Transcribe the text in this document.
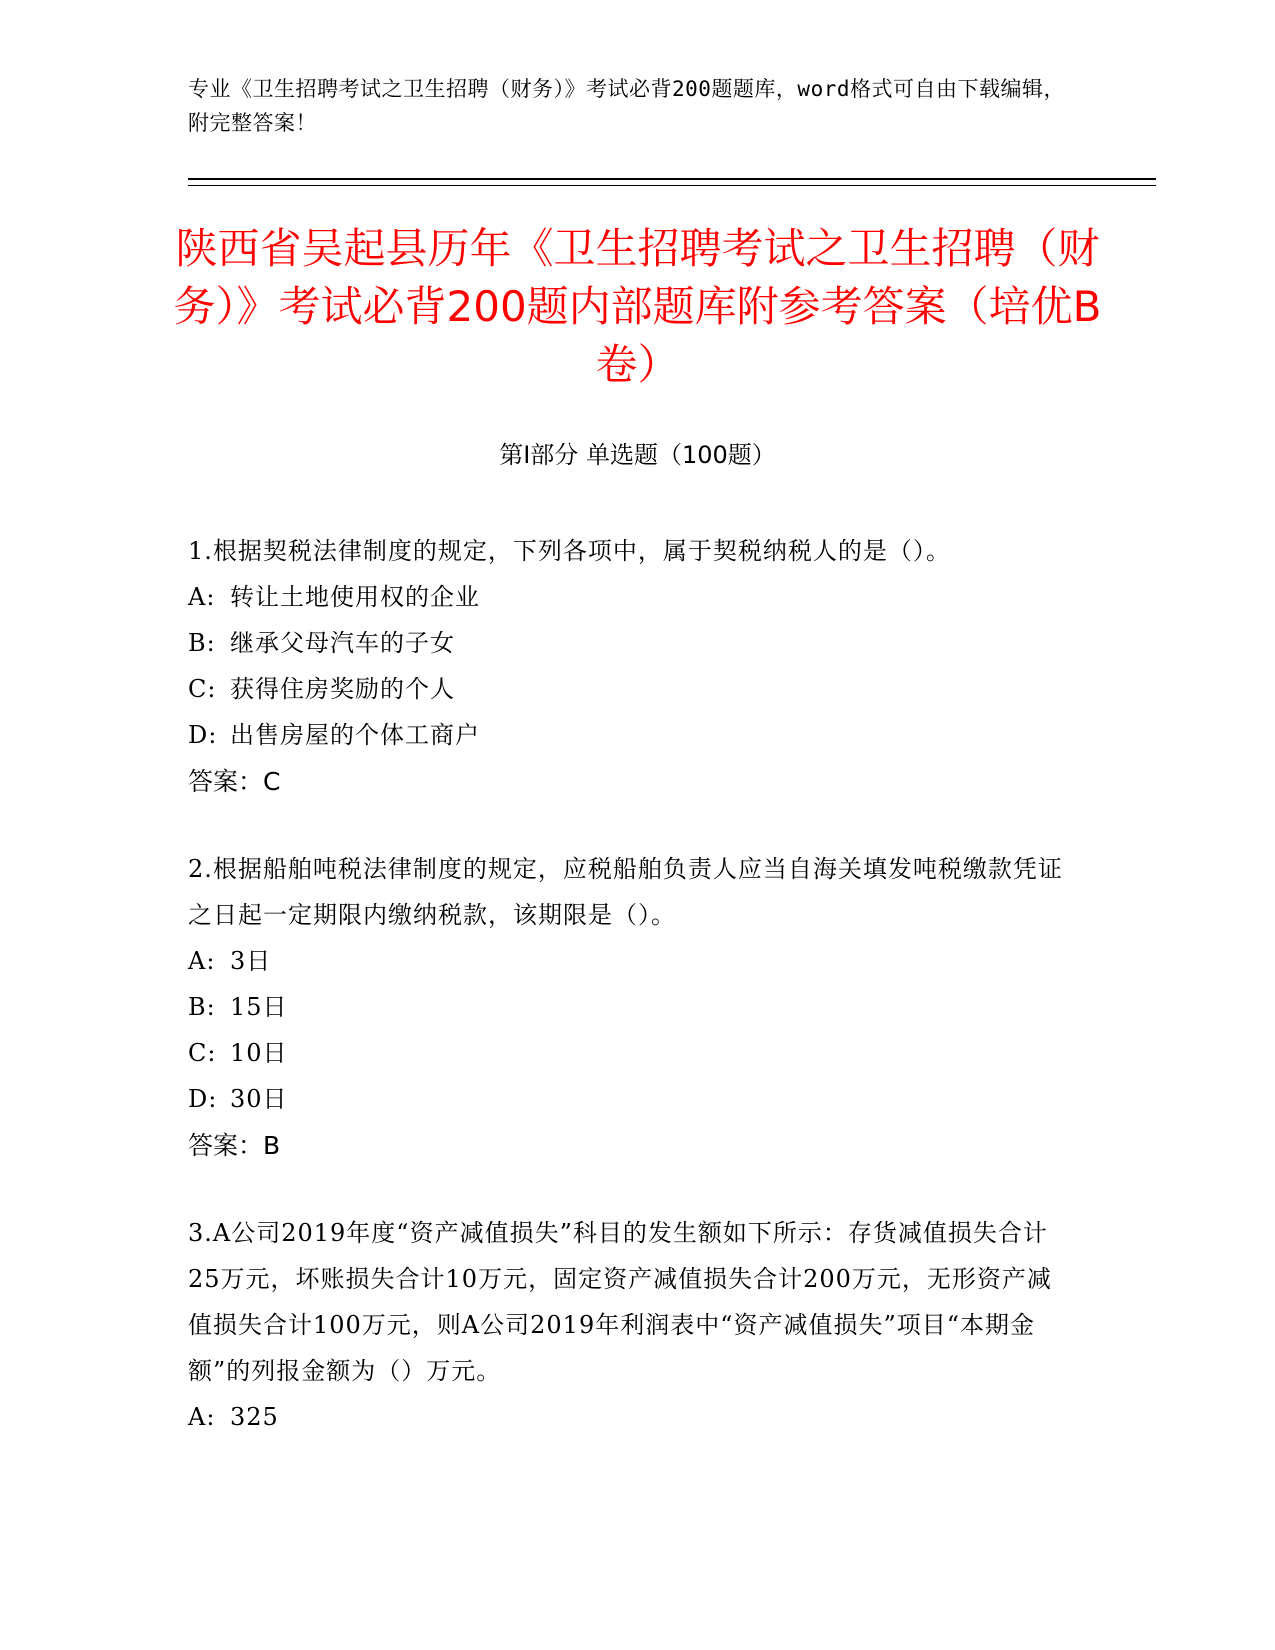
专业《卫生招聘考试之卫生招聘（财务）》考试必背200题题库，word格式可自由下载编辑，附完整答案！
陕西省吴起县历年《卫生招聘考试之卫生招聘（财务）》考试必背200题内部题库附参考答案（培优B卷）
第Ⅰ部分 单选题（100题）
1.根据契税法律制度的规定，下列各项中，属于契税纳税人的是（）。
A: 转让土地使用权的企业
B: 继承父母汽车的子女
C: 获得住房奖励的个人
D: 出售房屋的个体工商户
答案：C
2.根据船舶吨税法律制度的规定，应税船舶负责人应当自海关填发吨税缴款凭证之日起一定期限内缴纳税款，该期限是（）。
A: 3日
B: 15日
C: 10日
D: 30日
答案：B
3.A公司2019年度“资产减值损失”科目的发生额如下所示：存货减值损失合计25万元，坏账损失合计10万元，固定资产减值损失合计200万元，无形资产减值损失合计100万元，则A公司2019年利润表中“资产减值损失”项目“本期金额”的列报金额为（）万元。
A: 325
